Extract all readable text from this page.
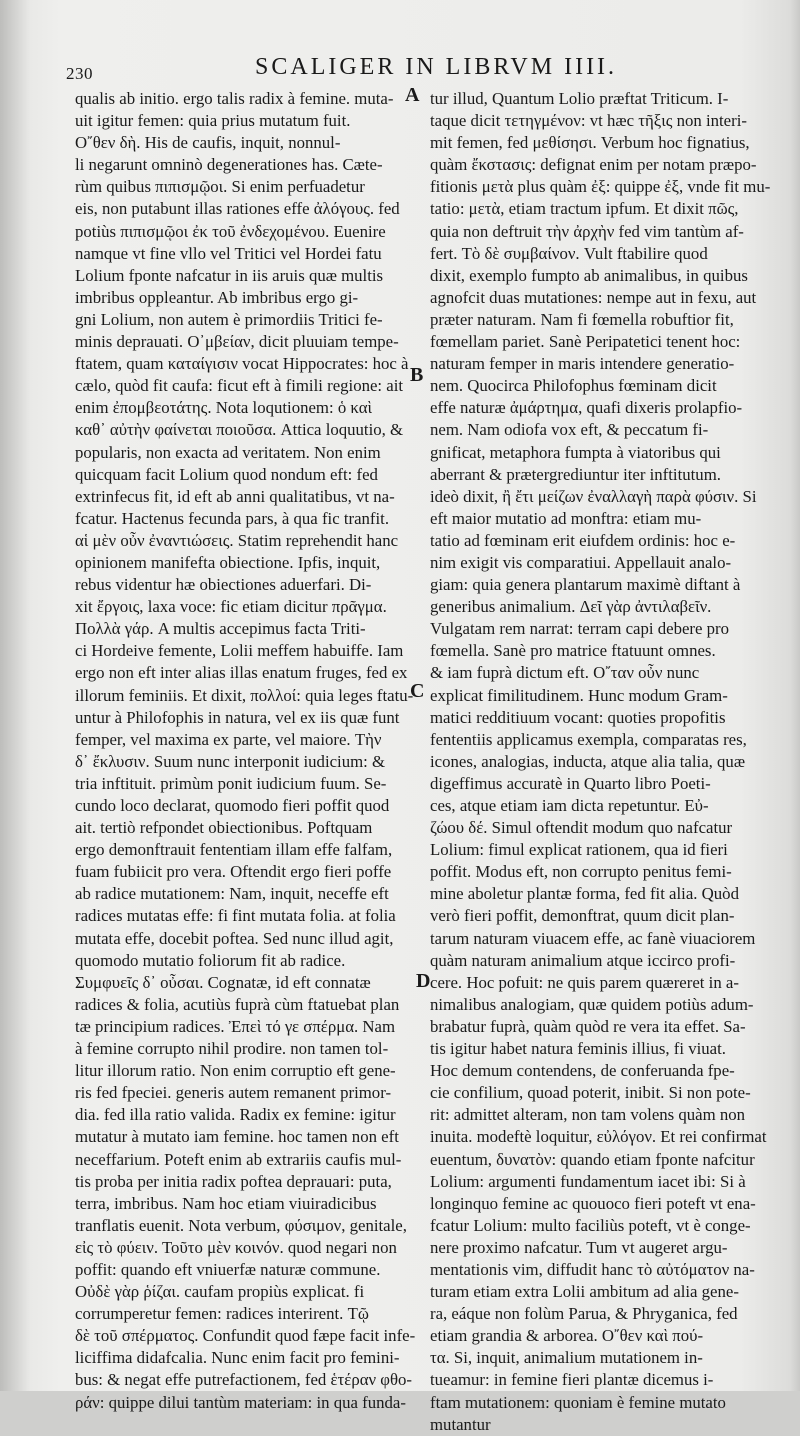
230	SCALIGER IN LIBRVM IIII.
A
B
C
D
qualis ab initio. ergo talis radix à femine. muta-
uit igitur femen: quia prius mutatum fuit.
Ο῎θεν δὴ. His de caufis, inquit, nonnul-
li negarunt omninò degenerationes has. Cæte-
rùm quibus πιπισμῷοι. Si enim perfuadetur
eis, non putabunt illas rationes effe ἀλόγους. fed
potiùs πιπισμῷοι ἐκ τοῦ ἐνδεχομένου. Euenire
namque vt fine vllo vel Tritici vel Hordei fatu
Lolium fponte nafcatur in iis aruis quæ multis
imbribus oppleantur. Ab imbribus ergo gi-
gni Lolium, non autem è primordiis Tritici fe-
minis deprauati. Ο᾽μβείαν, dicit pluuiam tempe-
ftatem, quam καταίγισιν vocat Hippocrates: hoc à
cælo, quòd fit caufa: ficut eft à fimili regione: ait
enim ἐπομβεοτάτης. Nota loqutionem: ὁ καὶ
καθ᾽ αὐτὴν φαίνεται ποιοῦσα. Attica loquutio, &
popularis, non exacta ad veritatem. Non enim
quicquam facit Lolium quod nondum eft: fed
extrinfecus fit, id eft ab anni qualitatibus, vt na-
fcatur. Hactenus fecunda pars, à qua fic tranfit.
αἱ μὲν οὖν ἐναντιώσεις. Statim reprehendit hanc
opinionem manifefta obiectione. Ipfis, inquit,
rebus videntur hæ obiectiones aduerfari. Di-
xit ἔργοις, laxa voce: fic etiam dicitur πρᾶγμα.
Πολλὰ γάρ. A multis accepimus facta Triti-
ci Hordeive femente, Lolii meffem habuiffe. Iam
ergo non eft inter alias illas enatum fruges, fed ex
illorum feminiis. Et dixit, πολλοί: quia leges ftatu-
untur à Philofophis in natura, vel ex iis quæ funt
femper, vel maxima ex parte, vel maiore. Τὴν
δ᾽ ἔκλυσιν. Suum nunc interponit iudicium: &
tria inftituit. primùm ponit iudicium fuum. Se-
cundo loco declarat, quomodo fieri poffit quod
ait. tertiò refpondet obiectionibus. Poftquam
ergo demonftrauit fententiam illam effe falfam,
fuam fubiicit pro vera. Oftendit ergo fieri poffe
ab radice mutationem: Nam, inquit, neceffe eft
radices mutatas effe: fi fint mutata folia. at folia
mutata effe, docebit poftea. Sed nunc illud agit,
quomodo mutatio foliorum fit ab radice.
Συμφυεῖς δ᾽ οὖσαι. Cognatæ, id eft connatæ
radices & folia, acutiùs fuprà cùm ftatuebat plan
tæ principium radices. Ἐπεὶ τό γε σπέρμα. Nam
à femine corrupto nihil prodire. non tamen tol-
litur illorum ratio. Non enim corruptio eft gene-
ris fed fpeciei. generis autem remanent primor-
dia. fed illa ratio valida. Radix ex femine: igitur
mutatur à mutato iam femine. hoc tamen non eft
neceffarium. Poteft enim ab extrariis caufis mul-
tis proba per initia radix poftea deprauari: puta,
terra, imbribus. Nam hoc etiam viuiradicibus
tranflatis euenit. Nota verbum, φύσιμον, genitale,
εἰς τὸ φύειν. Τοῦτο μὲν κοινόν. quod negari non
poffit: quando eft vniuerfæ naturæ commune.
Οὐδὲ γὰρ ῥίζαι. caufam propiùs explicat. fi
corrumperetur femen: radices interirent. Τῷ
δὲ τοῦ σπέρματος. Confundit quod fæpe facit infe-
liciffima didafcalia. Nunc enim facit pro femini-
bus: & negat effe putrefactionem, fed ἑτέραν φθο-
ράν: quippe dilui tantùm materiam: in qua funda-
tur illud, Quantum Lolio præftat Triticum. I-
taque dicit τετηγμένον: vt hæc τῆξις non interi-
mit femen, fed μεθίσησι. Verbum hoc fignatius,
quàm ἔκστασις: defignat enim per notam præpo-
fitionis μετὰ plus quàm ἐξ: quippe ἐξ, vnde fit mu-
tatio: μετὰ, etiam tractum ipfum. Et dixit πῶς,
quia non deftruit τὴν ἀρχὴν fed vim tantùm af-
fert. Τὸ δὲ συμβαίνον. Vult ftabilire quod
dixit, exemplo fumpto ab animalibus, in quibus
agnofcit duas mutationes: nempe aut in fexu, aut
præter naturam. Nam fi fœmella robuftior fit,
fœmellam pariet. Sanè Peripatetici tenent hoc:
naturam femper in maris intendere generatio-
nem. Quocirca Philofophus fœminam dicit
effe naturæ ἀμάρτημα, quafi dixeris prolapfio-
nem. Nam odiofa vox eft, & peccatum fi-
gnificat, metaphora fumpta à viatoribus qui
aberrant & prætergrediuntur iter inftitutum.
ideò dixit, ἢ ἔτι μείζων ἐναλλαγὴ παρὰ φύσιν. Si
eft maior mutatio ad monftra: etiam mu-
tatio ad fœminam erit eiufdem ordinis: hoc e-
nim exigit vis comparatiui. Appellauit analo-
giam: quia genera plantarum maximè diftant à
generibus animalium. Δεῖ γὰρ ἀντιλαβεῖν.
Vulgatam rem narrat: terram capi debere pro
fœmella. Sanè pro matrice ftatuunt omnes.
& iam fuprà dictum eft. Ο῎ταν οὖν nunc
explicat fimilitudinem. Hunc modum Gram-
matici redditiuum vocant: quoties propofitis
fententiis applicamus exempla, comparatas res,
icones, analogias, inducta, atque alia talia, quæ
digeffimus accuratè in Quarto libro Poeti-
ces, atque etiam iam dicta repetuntur. Εὐ-
ζώου δέ. Simul oftendit modum quo nafcatur
Lolium: fimul explicat rationem, qua id fieri
poffit. Modus eft, non corrupto penitus femi-
mine aboletur plantæ forma, fed fit alia. Quòd
verò fieri poffit, demonftrat, quum dicit plan-
tarum naturam viuacem effe, ac fanè viuaciorem
quàm naturam animalium atque iccirco profi-
cere. Hoc pofuit: ne quis parem quæreret in a-
nimalibus analogiam, quæ quidem potiùs adum-
brabatur fuprà, quàm quòd re vera ita effet. Sa-
tis igitur habet natura feminis illius, fi viuat.
Hoc demum contendens, de conferuanda fpe-
cie confilium, quoad poterit, inibit. Si non pote-
rit: admittet alteram, non tam volens quàm non
inuita. modeftè loquitur, εὐλόγον. Et rei confirmat
euentum, δυνατὸν: quando etiam fponte nafcitur
Lolium: argumenti fundamentum iacet ibi: Si à
longinquo femine ac quouoco fieri poteft vt ena-
fcatur Lolium: multo faciliùs poteft, vt è conge-
nere proximo nafcatur. Tum vt augeret argu-
mentationis vim, diffudit hanc τὸ αὐτόματον na-
turam etiam extra Lolii ambitum ad alia gene-
ra, eáque non folùm Parua, & Phryganica, fed
etiam grandia & arborea. Ο῎θεν καὶ πού-
τα. Si, inquit, animalium mutationem in-
tueamur: in femine fieri plantæ dicemus i-
ftam mutationem: quoniam è femine mutato
mutantur
